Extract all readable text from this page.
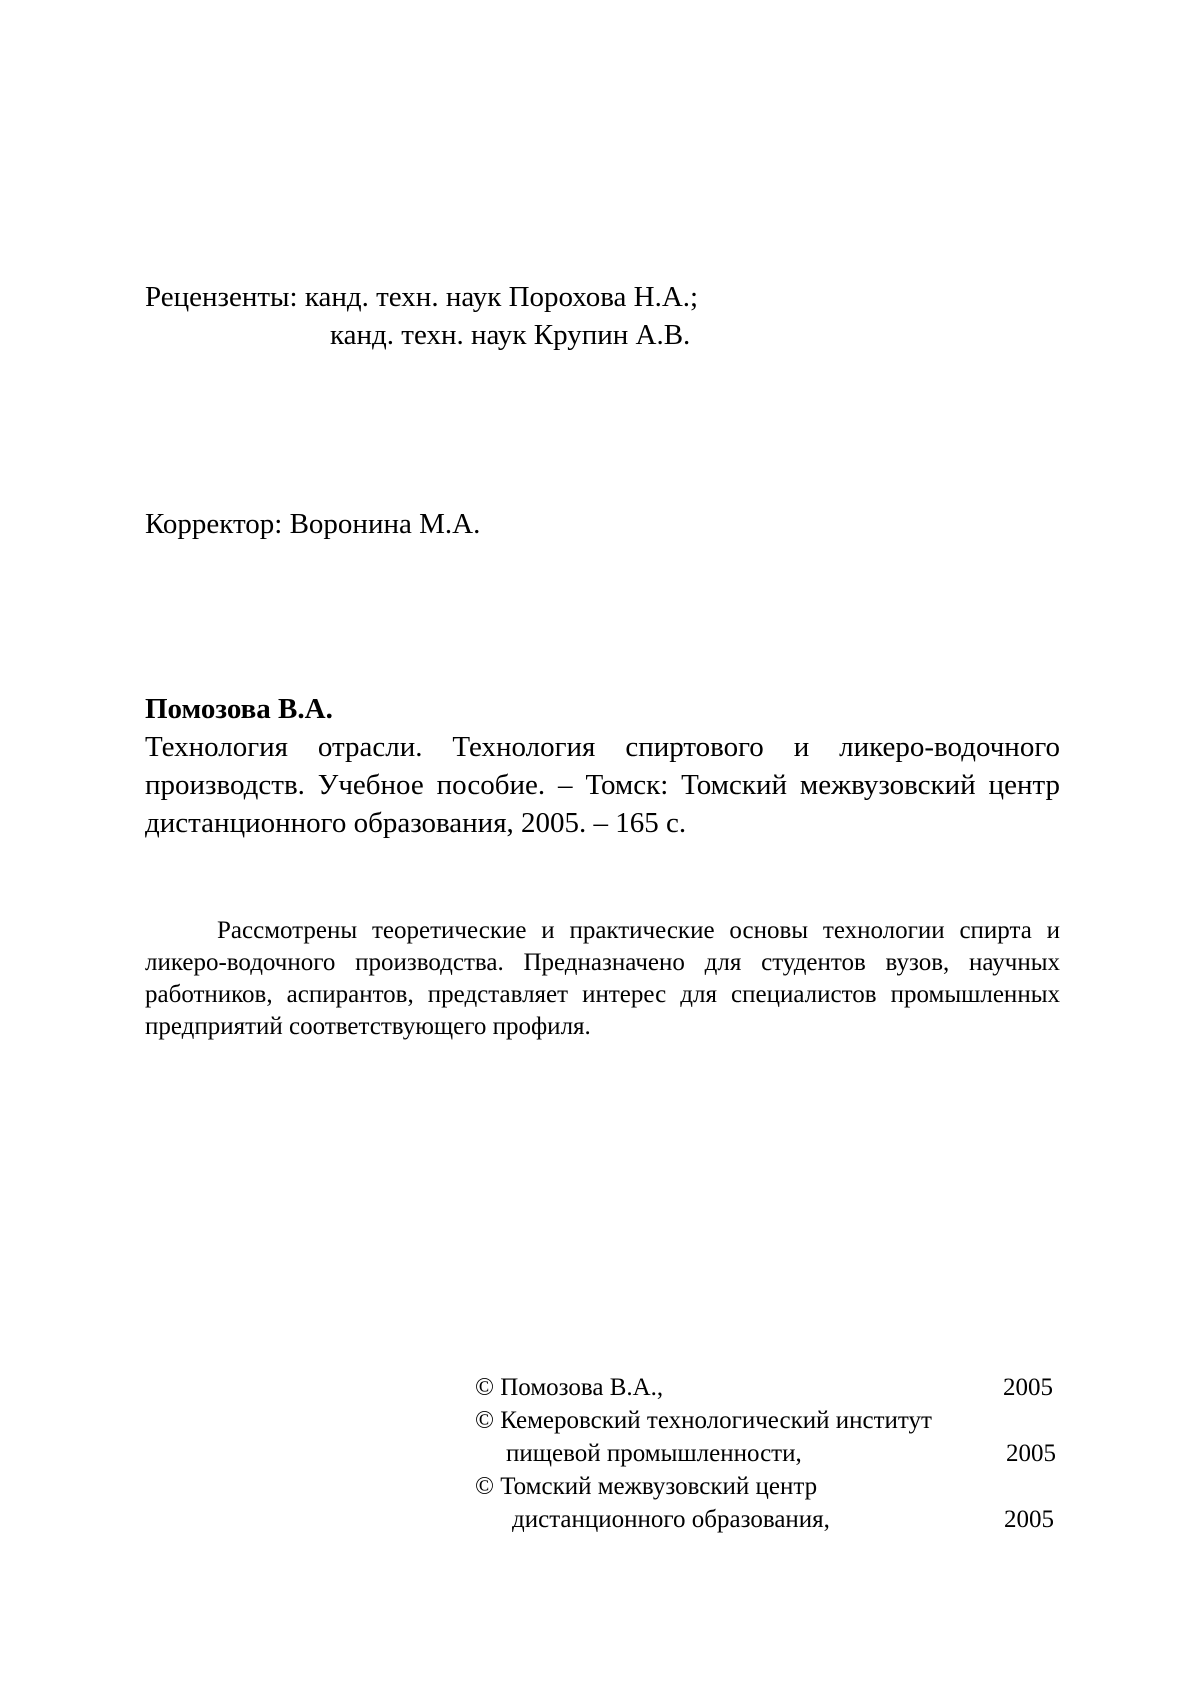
Рецензенты: канд. техн. наук Порохова Н.А.;
канд. техн. наук Крупин А.В.
Корректор: Воронина М.А.
Помозова В.А.
Технология отрасли. Технология спиртового и ликеро-водочного производств. Учебное пособие. – Томск: Томский межвузовский центр дистанционного образования, 2005. – 165 с.
Рассмотрены теоретические и практические основы технологии спирта и ликеро-водочного производства. Предназначено для студентов вузов, научных работников, аспирантов, представляет интерес для специалистов промышленных предприятий соответствующего профиля.
© Помозова В.А.,	2005
© Кемеровский технологический институт
пищевой промышленности,	2005
© Томский межвузовский центр
дистанционного образования,	2005
